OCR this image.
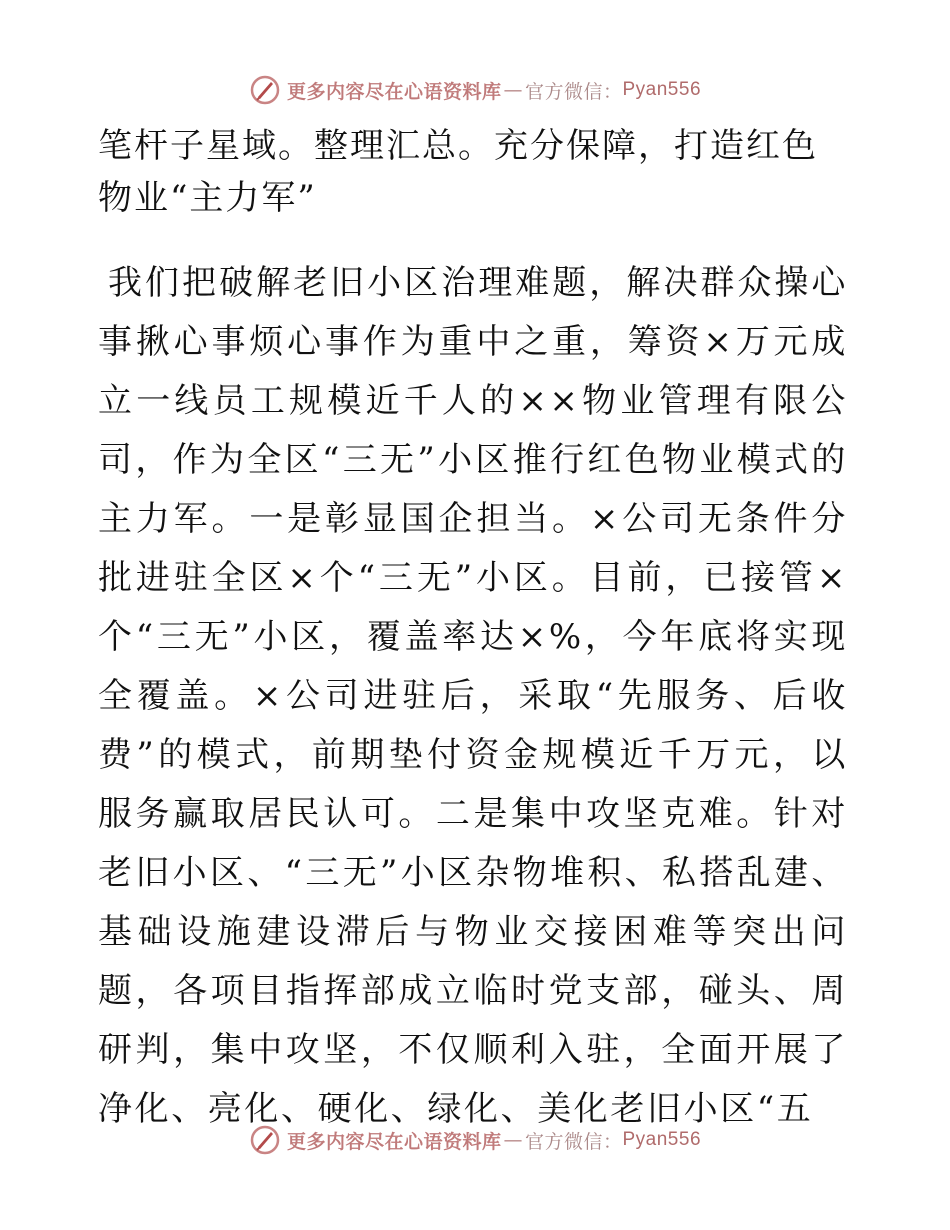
更多内容尽在心语资料库 — 官方微信： Pyan556
笔杆子星域。整理汇总。充分保障，打造红色物业“主力军”

我们把破解老旧小区治理难题，解决群众操心事揪心事烦心事作为重中之重，筹资×万元成立一线员工规模近千人的××物业管理有限公司，作为全区“三无”小区推行红色物业模式的主力军。一是彰显国企担当。×公司无条件分批进驻全区×个“三无”小区。目前，已接管×个“三无”小区，覆盖率达×%，今年底将实现全覆盖。×公司进驻后，采取“先服务、后收费”的模式，前期垫付资金规模近千万元，以服务赢取居民认可。二是集中攻坚克难。针对老旧小区、“三无”小区杂物堆积、私搭乱建、基础设施建设滞后与物业交接困难等突出问题，各项目指挥部成立临时党支部，碰头、周研判，集中攻坚，不仅顺利入驻，全面开展了净化、亮化、硬化、绿化、美化老旧小区“五

更多内容尽在心语资料库 — 官方微信： Pyan556
